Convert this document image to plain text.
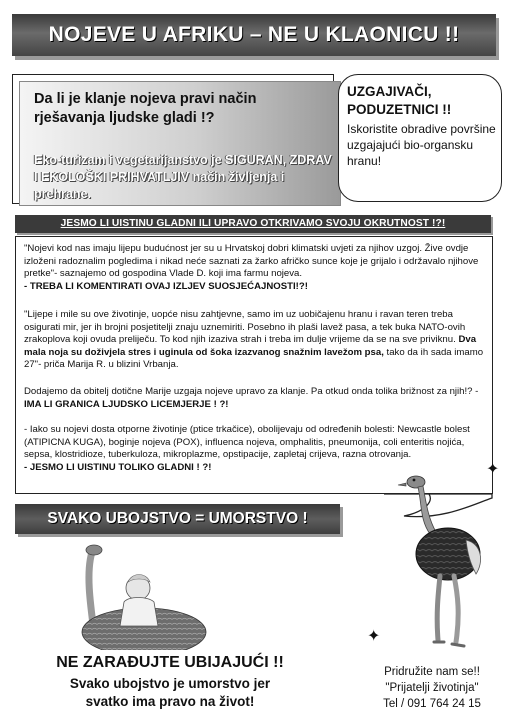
NOJEVE U AFRIKU – NE U KLAONICU !!
Da li je klanje nojeva pravi način rješavanja ljudske gladi !?
Eko-turizam i vegetarijanstvo je SIGURAN, ZDRAV I EKOLOŠKI PRIHVATLJIV način življenja i prehrane.
UZGAJIVAČI, PODUZETNICI !!
Iskoristite obradive površine uzgajajući bio-organsku hranu!
JESMO LI UISTINU GLADNI ILI UPRAVO OTKRIVAMO SVOJU OKRUTNOST !?!
"Nojevi kod nas imaju lijepu budućnost jer su u Hrvatskoj dobri klimatski uvjeti za njihov uzgoj. Žive ovdje izloženi radoznalim pogledima i nikad neće saznati za žarko afričko sunce koje je grijalo i održavalo njihove pretke"- saznajemo od gospodina Vlade D. koji ima farmu nojeva.
- TREBA LI KOMENTIRATI OVAJ IZLJEV SUOSJEĆAJNOSTI!?!
"Lijepe i mile su ove životinje, uopće nisu zahtjevne, samo im uz uobičajenu hranu i ravan teren treba osigurati mir, jer ih brojni posjetitelji znaju uznemiriti. Posebno ih plaši lavež pasa, a tek buka NATO-ovih zrakoplova koji ovuda preliječu. To kod njih izaziva strah i treba im dulje vrijeme da se na sve priviknu. Dva mala noja su doživjela stres i uginula od šoka izazvanog snažnim lavežom psa, tako da ih sada imamo 27"- priča Marija R. u blizini Vrbanja.
Dodajemo da obitelj dotične Marije uzgaja nojeve upravo za klanje. Pa otkud onda tolika brižnost za njih!? - IMA LI GRANICA LJUDSKO LICEMJERJE ! ?!
- Iako su nojevi dosta otporne životinje (ptice trkačice), obolijevaju od određenih bolesti: Newcastle bolest (ATIPICNA KUGA), boginje nojeva (POX), influenca nojeva, omphalitis, pneumonija, coli enteritis nojića, sepsa, klostridioze, tuberkuloza, mikroplazme, opstipacije, zapletaj crijeva, razna otrovanja.
- JESMO LI UISTINU TOLIKO GLADNI ! ?!	✦
✦
SVAKO UBOJSTVO = UMORSTVO !
NE ZARAĐUJTE UBIJAJUĆI !!
Svako ubojstvo je umorstvo jer
svatko ima pravo na život!
Pridružite nam se!!
"Prijatelji životinja"
Tel / 091 764 24 15
